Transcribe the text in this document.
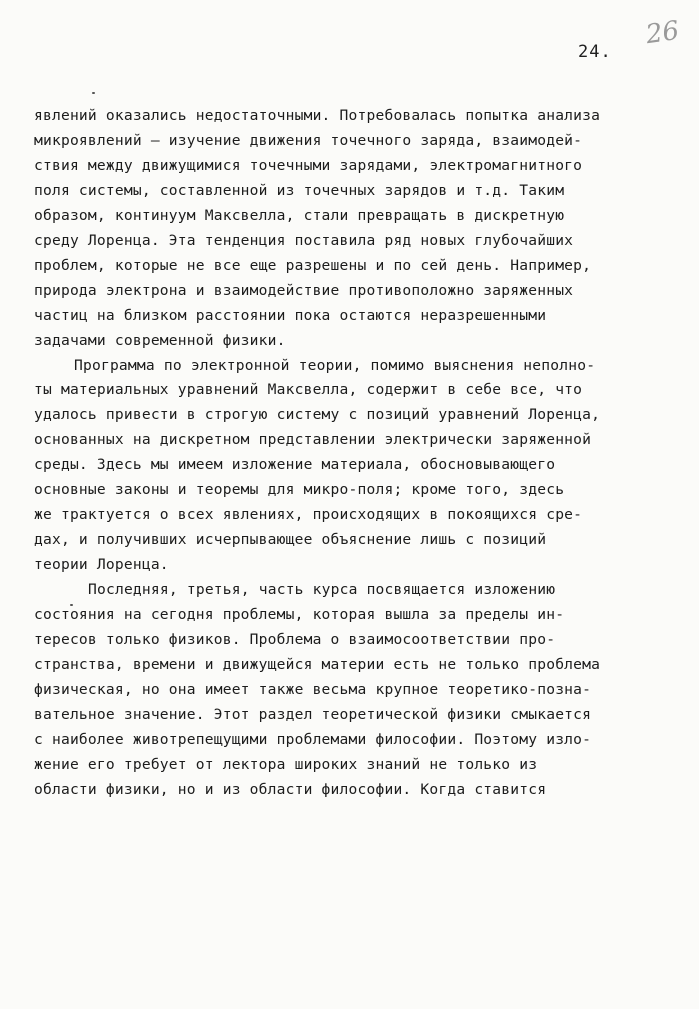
24.
26
явлений оказались недостаточными. Потребовалась попытка анализа
микроявлений – изучение движения точечного заряда, взаимодей-
ствия между движущимися точечными зарядами, электромагнитного
поля системы, составленной из точечных зарядов и т.д. Таким
образом, континуум Максвелла, стали превращать в дискретную
среду Лоренца. Эта тенденция поставила ряд новых глубочайших
проблем, которые не все еще разрешены и по сей день. Например,
природа электрона и взаимодействие противоположно заряженных
частиц на близком расстоянии пока остаются неразрешенными
задачами современной физики.
Программа по электронной теории, помимо выяснения неполно-
ты материальных уравнений Максвелла, содержит в себе все, что
удалось привести в строгую систему с позиций уравнений Лоренца,
основанных на дискретном представлении электрически заряженной
среды. Здесь мы имеем изложение материала, обосновывающего
основные законы и теоремы для микро-поля; кроме того, здесь
же трактуется о всех явлениях, происходящих в покоящихся сре-
дах, и получивших исчерпывающее объяснение лишь с позиций
теории Лоренца.
Последняя, третья, часть курса посвящается изложению
состояния на сегодня проблемы, которая вышла за пределы ин-
тересов только физиков. Проблема о взаимосоответствии про-
странства, времени и движущейся материи есть не только проблема
физическая, но она имеет также весьма крупное теоретико-позна-
вательное значение. Этот раздел теоретической физики смыкается
с наиболее животрепещущими проблемами философии. Поэтому изло-
жение его требует от лектора широких знаний не только из
области физики, но и из области философии. Когда ставится
